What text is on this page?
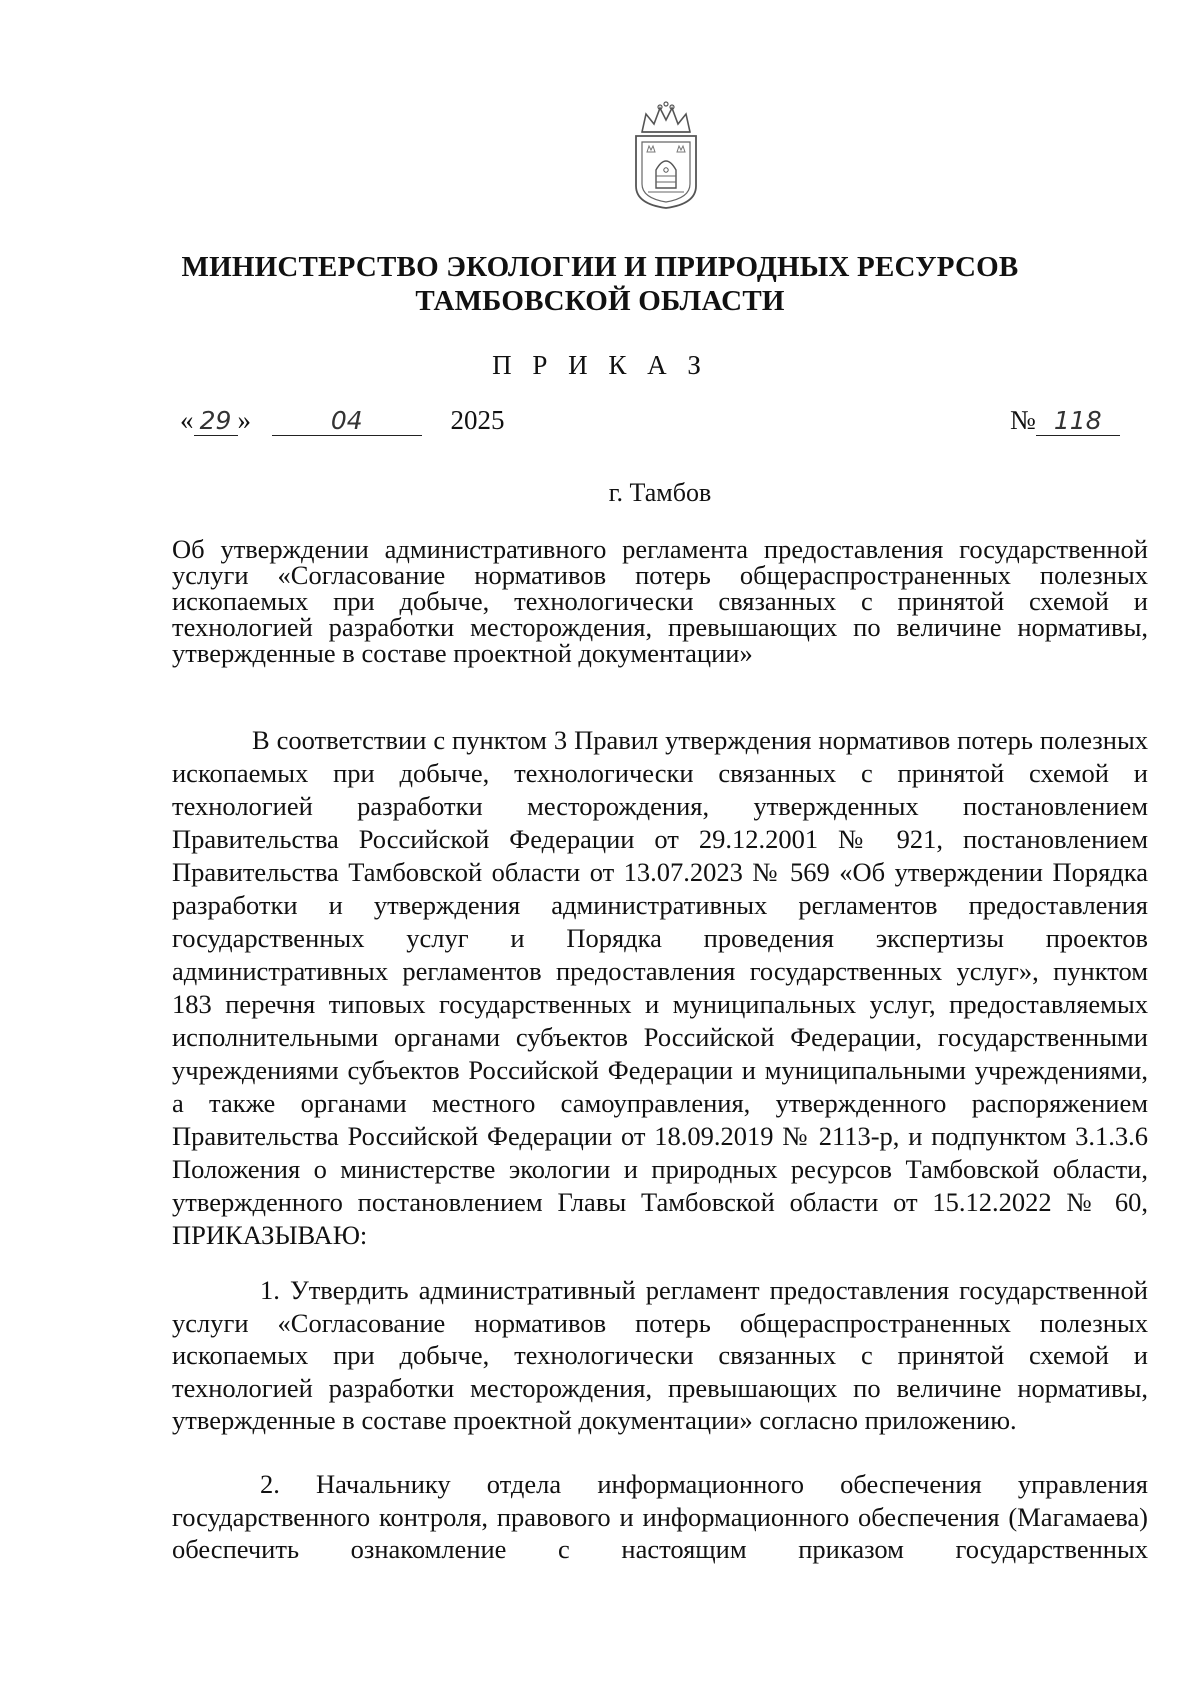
МИНИСТЕРСТВО ЭКОЛОГИИ И ПРИРОДНЫХ РЕСУРСОВ
ТАМБОВСКОЙ ОБЛАСТИ
П Р И К А З
« 29 »	04	2025	№ 118
г. Тамбов
Об утверждении административного регламента предоставления государственной услуги «Согласование нормативов потерь общераспространенных полезных ископаемых при добыче, технологически связанных с принятой схемой и технологией разработки месторождения, превышающих по величине нормативы, утвержденные в составе проектной документации»
В соответствии с пунктом 3 Правил утверждения нормативов потерь полезных ископаемых при добыче, технологически связанных с принятой схемой и технологией разработки месторождения, утвержденных постановлением Правительства Российской Федерации от 29.12.2001 № 921, постановлением Правительства Тамбовской области от 13.07.2023 № 569 «Об утверждении Порядка разработки и утверждения административных регламентов предоставления государственных услуг и Порядка проведения экспертизы проектов административных регламентов предоставления государственных услуг», пунктом 183 перечня типовых государственных и муниципальных услуг, предоставляемых исполнительными органами субъектов Российской Федерации, государственными учреждениями субъектов Российской Федерации и муниципальными учреждениями, а также органами местного самоуправления, утвержденного распоряжением Правительства Российской Федерации от 18.09.2019 № 2113-р, и подпунктом 3.1.3.6 Положения о министерстве экологии и природных ресурсов Тамбовской области, утвержденного постановлением Главы Тамбовской области от 15.12.2022 № 60, ПРИКАЗЫВАЮ:
1. Утвердить административный регламент предоставления государственной услуги «Согласование нормативов потерь общераспространенных полезных ископаемых при добыче, технологически связанных с принятой схемой и технологией разработки месторождения, превышающих по величине нормативы, утвержденные в составе проектной документации» согласно приложению.
2. Начальнику отдела информационного обеспечения управления государственного контроля, правового и информационного обеспечения (Магамаева) обеспечить ознакомление с настоящим приказом государственных
